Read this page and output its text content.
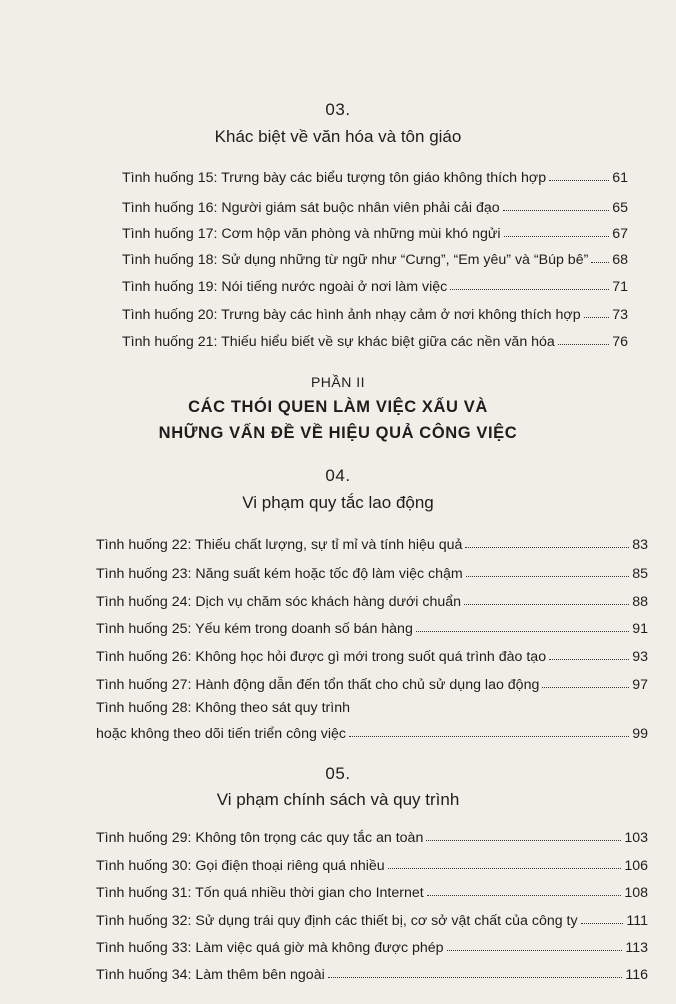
03.
Khác biệt về văn hóa và tôn giáo
Tình huống 15: Trưng bày các biểu tượng tôn giáo không thích hợp	61
Tình huống 16: Người giám sát buộc nhân viên phải cải đạo	65
Tình huống 17: Cơm hộp văn phòng và những mùi khó ngửi	67
Tình huống 18: Sử dụng những từ ngữ như “Cưng”, “Em yêu” và “Búp bê” 68
Tình huống 19: Nói tiếng nước ngoài ở nơi làm việc	71
Tình huống 20: Trưng bày các hình ảnh nhạy cảm ở nơi không thích hợp 73
Tình huống 21: Thiếu hiểu biết về sự khác biệt giữa các nền văn hóa	76
PHẦN II
CÁC THÓI QUEN LÀM VIỆC XẤU VÀ
NHỮNG VẤN ĐỀ VỀ HIỆU QUẢ CÔNG VIỆC
04.
Vi phạm quy tắc lao động
Tình huống 22: Thiếu chất lượng, sự tỉ mỉ và tính hiệu quả	83
Tình huống 23: Năng suất kém hoặc tốc độ làm việc chậm	85
Tình huống 24: Dịch vụ chăm sóc khách hàng dưới chuẩn	88
Tình huống 25: Yếu kém trong doanh số bán hàng	91
Tình huống 26: Không học hỏi được gì mới trong suốt quá trình đào tạo	93
Tình huống 27: Hành động dẫn đến tổn thất cho chủ sử dụng lao động	97
Tình huống 28: Không theo sát quy trình
hoặc không theo dõi tiến triển công việc	99
05.
Vi phạm chính sách và quy trình
Tình huống 29: Không tôn trọng các quy tắc an toàn	103
Tình huống 30: Gọi điện thoại riêng quá nhiều	106
Tình huống 31: Tốn quá nhiều thời gian cho Internet	108
Tình huống 32: Sử dụng trái quy định các thiết bị, cơ sở vật chất của công ty	111
Tình huống 33: Làm việc quá giờ mà không được phép	113
Tình huống 34: Làm thêm bên ngoài	116
